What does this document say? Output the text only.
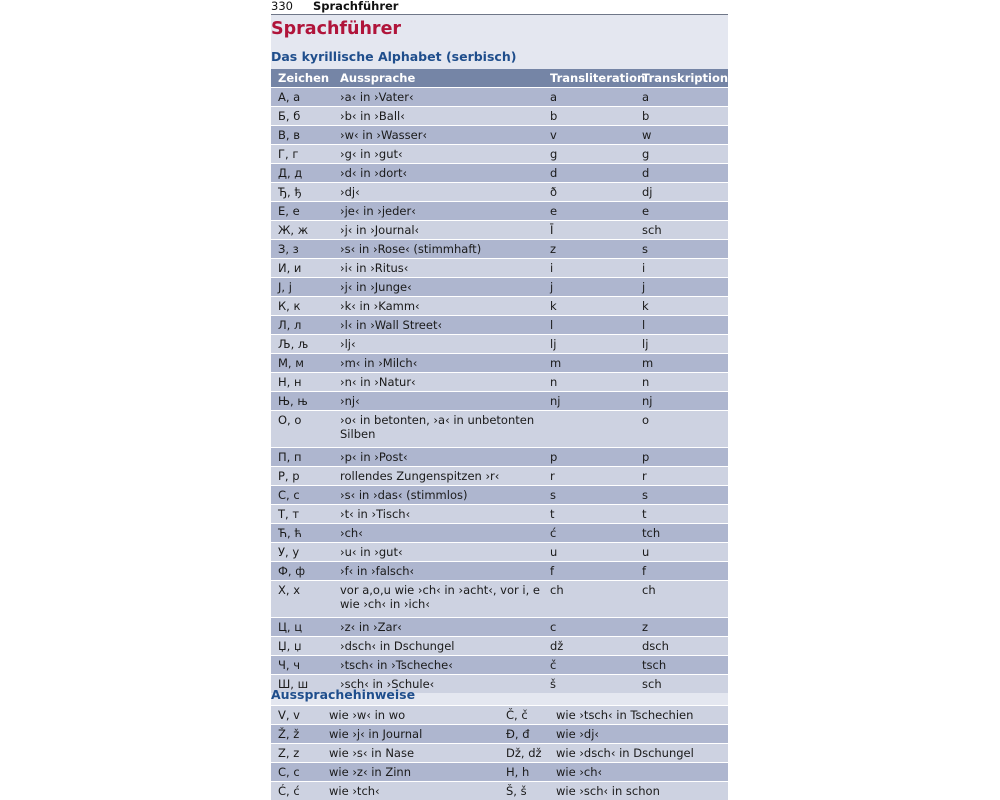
330 Sprachführer
Sprachführer
Das kyrillische Alphabet (serbisch)
Zeichen	Aussprache	Transliteration	Transkription
А, а	›a‹ in ›Vater‹	a	a
Б, б	›b‹ in ›Ball‹	b	b
В, в	›w‹ in ›Wasser‹	v	w
Г, г	›g‹ in ›gut‹	g	g
Д, д	›d‹ in ›dort‹	d	d
Ђ, ђ	›dj‹	ð	dj
Е, е	›je‹ in ›jeder‹	e	e
Ж, ж	›j‹ in ›Journal‹	Ī	sch
З, з	›s‹ in ›Rose‹ (stimmhaft)	z	s
И, и	›i‹ in ›Ritus‹	i	i
Ј, ј	›j‹ in ›Junge‹	j	j
К, к	›k‹ in ›Kamm‹	k	k
Л, л	›l‹ in ›Wall Street‹	l	l
Љ, љ	›lj‹	lj	lj
М, м	›m‹ in ›Milch‹	m	m
Н, н	›n‹ in ›Natur‹	n	n
Њ, њ	›nj‹	nj	nj
О, о	›o‹ in betonten, ›a‹ in unbetonten Silben		o
П, п	›p‹ in ›Post‹	p	p
Р, р	rollendes Zungenspitzen ›r‹	r	r
С, с	›s‹ in ›das‹ (stimmlos)	s	s
Т, т	›t‹ in ›Tisch‹	t	t
Ћ, ћ	›ch‹	ć	tch
У, у	›u‹ in ›gut‹	u	u
Ф, ф	›f‹ in ›falsch‹	f	f
Х, х	vor a,o,u wie ›ch‹ in ›acht‹, vor i, e wie ›ch‹ in ›ich‹	ch	ch
Ц, ц	›z‹ in ›Zar‹	c	z
Џ, џ	›dsch‹ in Dschungel	dž	dsch
Ч, ч	›tsch‹ in ›Tscheche‹	č	tsch
Ш, ш	›sch‹ in ›Schule‹	š	sch
Aussprachehinweise
V, v	wie ›w‹ in wo	Č, č	wie ›tsch‹ in Tschechien
Ž, ž	wie ›j‹ in Journal	Đ, đ	wie ›dj‹
Z, z	wie ›s‹ in Nase	Dž, dž	wie ›dsch‹ in Dschungel
C, c	wie ›z‹ in Zinn	H, h	wie ›ch‹
Ć, ć	wie ›tch‹	Š, š	wie ›sch‹ in schon
